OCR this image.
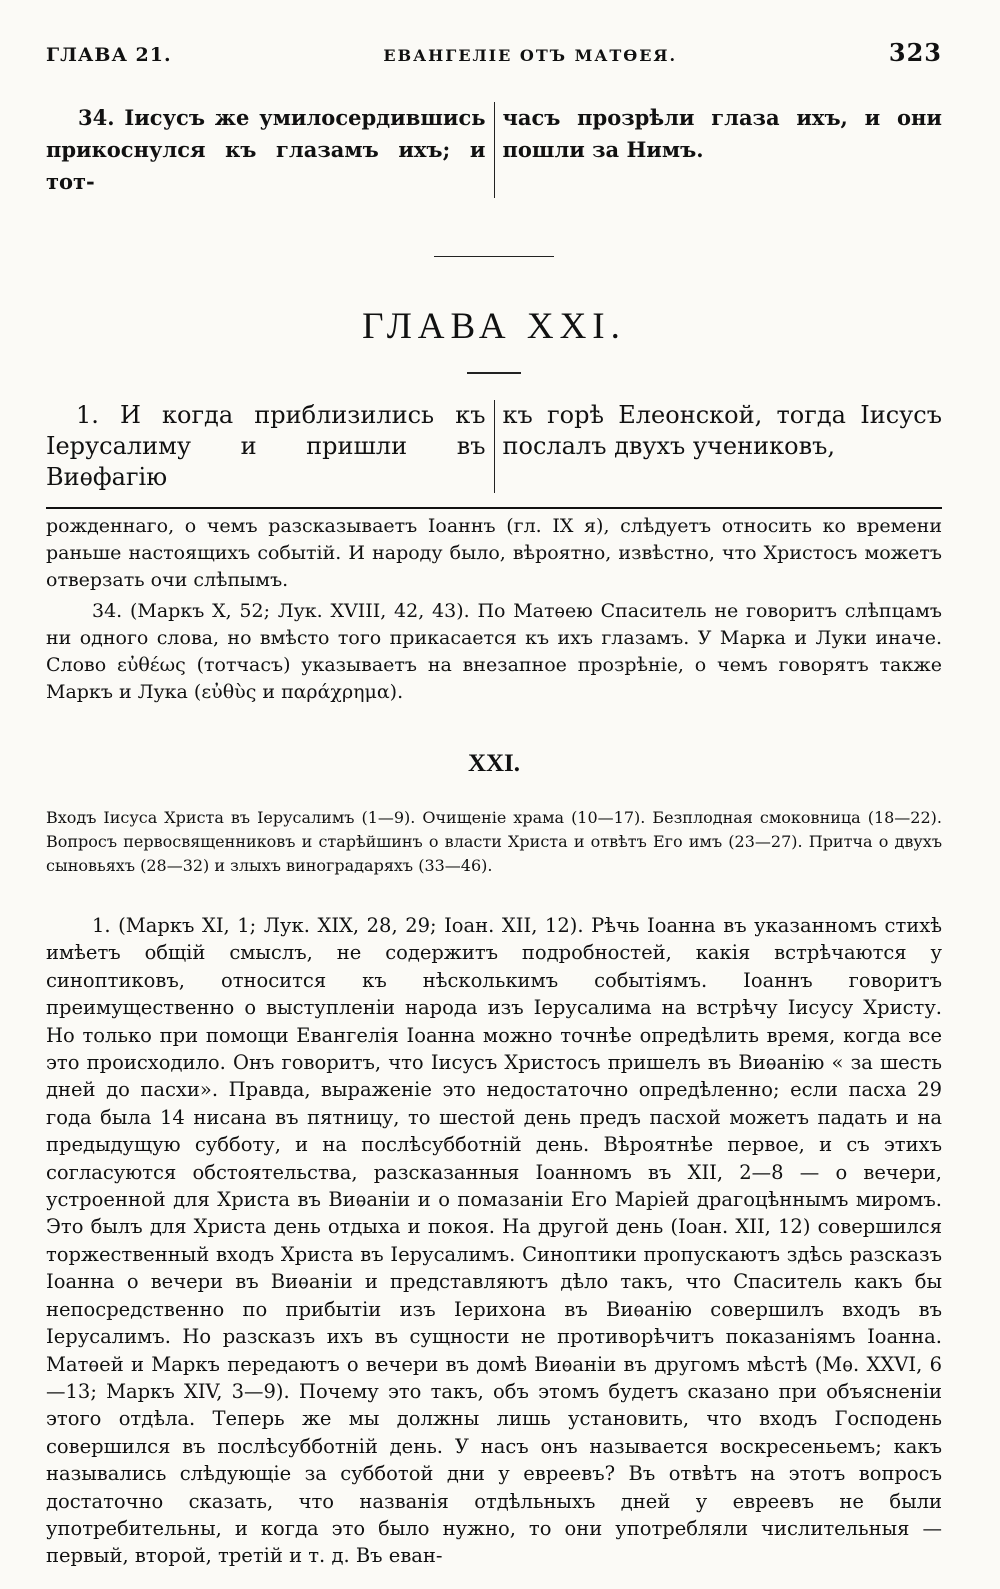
ГЛАВА 21.	ЕВАНГЕЛІЕ ОТЪ МАТѲЕЯ.	323

34. Іисусъ же умилосердившись прикоснулся къ глазамъ ихъ; и тот-

часъ прозрѣли глаза ихъ, и они пошли за Нимъ.

ГЛАВА XXI.

1. И когда приблизились къ Іерусалиму и пришли въ Виѳфагію

къ горѣ Елеонской, тогда Іисусъ послалъ двухъ учениковъ,

рожденнаго, о чемъ разсказываетъ Іоаннъ (гл. IX я), слѣдуетъ относить ко времени раньше настоящихъ событій. И народу было, вѣроятно, извѣстно, что Христосъ можетъ отверзать очи слѣпымъ.

34. (Маркъ X, 52; Лук. XVIII, 42, 43). По Матѳею Спаситель не говоритъ слѣпцамъ ни одного слова, но вмѣсто того прикасается къ ихъ глазамъ. У Марка и Луки иначе. Слово εὐθέως (тотчасъ) указываетъ на внезапное прозрѣніе, о чемъ говорятъ также Маркъ и Лука (εὐθὺς и παράχρημα).

XXI.

Входъ Іисуса Христа въ Іерусалимъ (1—9). Очищеніе храма (10—17). Безплодная смоковница (18—22). Вопросъ первосвященниковъ и старѣйшинъ о власти Христа и отвѣтъ Его имъ (23—27). Притча о двухъ сыновьяхъ (28—32) и злыхъ виноградаряхъ (33—46).

1. (Маркъ XI, 1; Лук. XIX, 28, 29; Іоан. XII, 12). Рѣчь Іоанна въ указанномъ стихѣ имѣетъ общій смыслъ, не содержитъ подробностей, какія встрѣчаются у синоптиковъ, относится къ нѣсколькимъ событіямъ. Іоаннъ говоритъ преимущественно о выступленіи народа изъ Іерусалима на встрѣчу Іисусу Христу. Но только при помощи Евангелія Іоанна можно точнѣе опредѣлить время, когда все это происходило. Онъ говоритъ, что Іисусъ Христосъ пришелъ въ Виѳанію « за шесть дней до пасхи». Правда, выраженіе это недостаточно опредѣленно; если пасха 29 года была 14 нисана въ пятницу, то шестой день предъ пасхой можетъ падать и на предыдущую субботу, и на послѣсубботній день. Вѣроятнѣе первое, и съ этихъ согласуются обстоятельства, разсказанныя Іоанномъ въ XII, 2—8 — о вечери, устроенной для Христа въ Виѳаніи и о помазаніи Его Маріей драгоцѣннымъ миромъ. Это былъ для Христа день отдыха и покоя. На другой день (Іоан. XII, 12) совершился торжественный входъ Христа въ Іерусалимъ. Синоптики пропускаютъ здѣсь разсказъ Іоанна о вечери въ Виѳаніи и представляютъ дѣло такъ, что Спаситель какъ бы непосредственно по прибытіи изъ Іерихона въ Виѳанію совершилъ входъ въ Іерусалимъ. Но разсказъ ихъ въ сущности не противорѣчитъ показаніямъ Іоанна. Матѳей и Маркъ передаютъ о вечери въ домѣ Виѳаніи въ другомъ мѣстѣ (Мѳ. XXVI, 6—13; Маркъ XIV, 3—9). Почему это такъ, объ этомъ будетъ сказано при объясненіи этого отдѣла. Теперь же мы должны лишь установить, что входъ Господень совершился въ послѣсубботній день. У насъ онъ называется воскресеньемъ; какъ назывались слѣдующіе за субботой дни у евреевъ? Въ отвѣтъ на этотъ вопросъ достаточно сказать, что названія отдѣльныхъ дней у евреевъ не были употребительны, и когда это было нужно, то они употребляли числительныя — первый, второй, третій и т. д. Въ еван-
